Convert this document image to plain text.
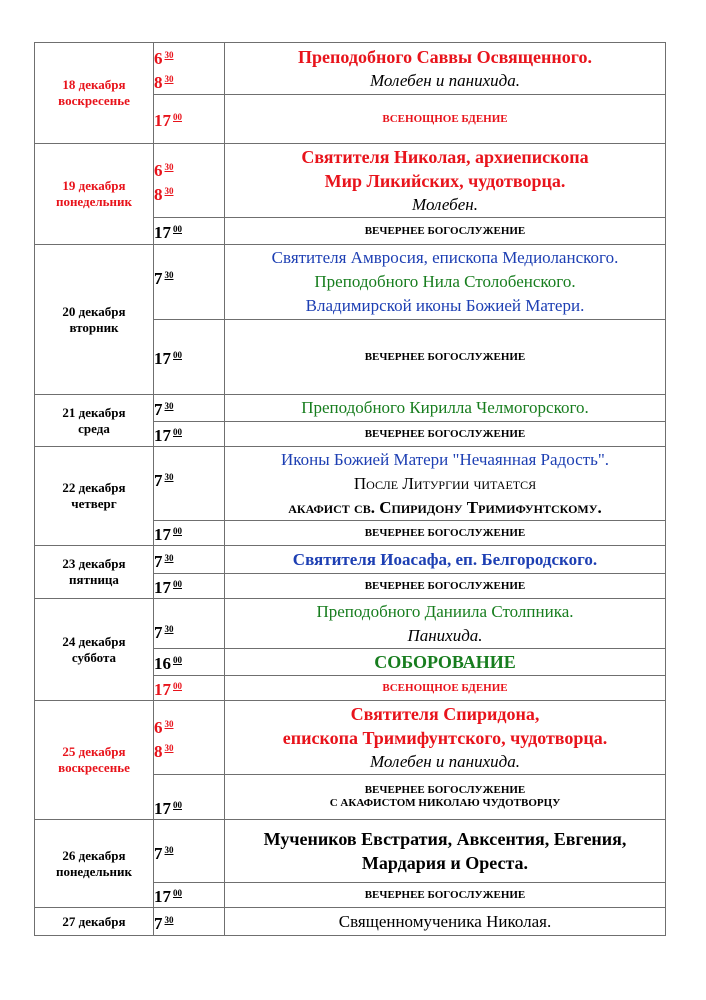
18 декабря
воскресенье	6 $^{30}$
8 $^{30}$	Преподобного Саввы Освященного.
Молебен и панихида.

	17 $^{00}$	ВСЕНОЩНОЕ БДЕНИЕ

19 декабря
понедельник	6 $^{30}$
8 $^{30}$	Святителя Николая, архиепископа
Мир Ликийских, чудотворца.
Молебен.

	17 $^{00}$	ВЕЧЕРНЕЕ БОГОСЛУЖЕНИЕ

20 декабря
вторник	7 $^{30}$	Святителя Амвросия, епископа Медиоланского.
Преподобного Нила Столобенского.
Владимирской иконы Божией Матери.

	17 $^{00}$	ВЕЧЕРНЕЕ БОГОСЛУЖЕНИЕ

21 декабря
среда	7 $^{30}$	Преподобного Кирилла Челмогорского.

	17 $^{00}$	ВЕЧЕРНЕЕ БОГОСЛУЖЕНИЕ

22 декабря
четверг	7 $^{30}$	Иконы Божией Матери "Нечаянная Радость".
После Литургии читается
акафист св. Спиридону Тримифунтскому.

	17 $^{00}$	ВЕЧЕРНЕЕ БОГОСЛУЖЕНИЕ

23 декабря
пятница	7 $^{30}$	Святителя Иоасафа, еп. Белгородского.

	17 $^{00}$	ВЕЧЕРНЕЕ БОГОСЛУЖЕНИЕ

24 декабря
суббота	7 $^{30}$	Преподобного Даниила Столпника.
Панихида.

	16 $^{00}$	СОБОРОВАНИЕ

	17 $^{00}$	ВСЕНОЩНОЕ БДЕНИЕ

25 декабря
воскресенье	6 $^{30}$
8 $^{30}$	Святителя Спиридона,
епископа Тримифунтского, чудотворца.
Молебен и панихида.

	17 $^{00}$	ВЕЧЕРНЕЕ БОГОСЛУЖЕНИЕ
С АКАФИСТОМ НИКОЛАЮ ЧУДОТВОРЦУ

26 декабря
понедельник	7 $^{30}$	Мучеников Евстратия, Авксентия, Евгения,
Мардария и Ореста.

	17 $^{00}$	ВЕЧЕРНЕЕ БОГОСЛУЖЕНИЕ

27 декабря	7 $^{30}$	Священномученика Николая.
